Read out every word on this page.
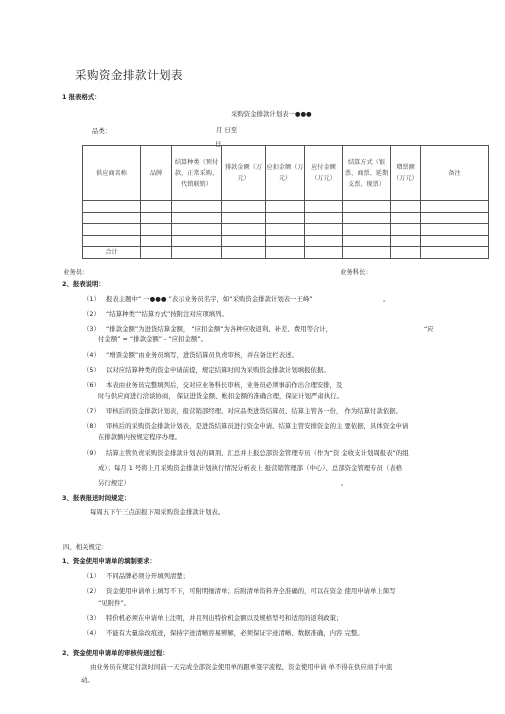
采购资金排款计划表
1 报表格式：
采购资金排款计划表一●●●
品类：	月 日至
日
供应商名称	品牌	结算种类（预付款、正常采购、代销联销）	排款金额（万元）	应扣金额（万元）	应付金额（万元）	结算方式（银票、商票、延期支票、现票）	增票额（万元）	备注

合计								
业务员：	业务科长：
2、报表说明：
（1） 报表主题中“ 一●●● ”表示业务员名字，如“采购资金排款计划表一王峰”	。
（2） “结算种类”“结算方式”按附注对应项填列。
（3） “排款金额”为进货结算金额， “应扣金额”为各种应收返利、补差、费用等合计，	“应
付金额” = “排款金额” - “应扣金额”。
（4） “增票金额”由业务员填写，进货结算员负责审核，并在备注栏表述。
（5） 以对应结算种类的资金申请前提，规定结算时间为采购资金排款计划填报依据。
（6） 本表由业务员完整填列后，交对应业务科长审核，业务员必须事前作出合理安排，及
时与供应商进行洽谈协商， 保证进货金额、帐扣金额的准确合理，保证计划严肃执行。
（7） 审核后的资金排款计划表，报营销部经理、对应品类进货结算员、结算主管各一份， 作为结算付款依据。
（8） 审核后的采购资金排款计划表，是进货结算员进行资金申请、结算主管安排资金的主 要依据，具体资金申请
在排款额内按规定程序办理。
（9） 结算主管负责采购资金排款计划表的调剂、汇总并上报总部资金管理专员（作为“资 金收支计划周报表”的组
成）；每月 1 号将上月采购资金排款计划执行情况分析表上 报营销管理部（中心）、总部资金管理专员（表格
另行规定）	。
3、报表报送时间规定：
每周五下午三点前报下周采购资金排款计划表。
四、相关规定：
1、资金使用申请单的填制要求：
（1） 不同品牌必须分开填列清楚；
（2） 资金使用申请单上填写不下，可附明细清单；后附清单资料齐全准确的，可以在资金 使用申请单上简写
“见附件”。
（3） 特价机必须在申请单上注明，并且列出特价机金额以及规格型号和适用的返利政策；
（4） 不能有大量涂改痕迹，保持字迹清晰容易辨解，必须保证字迹清晰、数据准确，内容 完整。
2、资金使用申请单的审核传递过程：
由业务员在规定付款时间前一天完成全部资金使用单的跟单签字流程，资金使用申请 单不得在供应商手中流
动。
